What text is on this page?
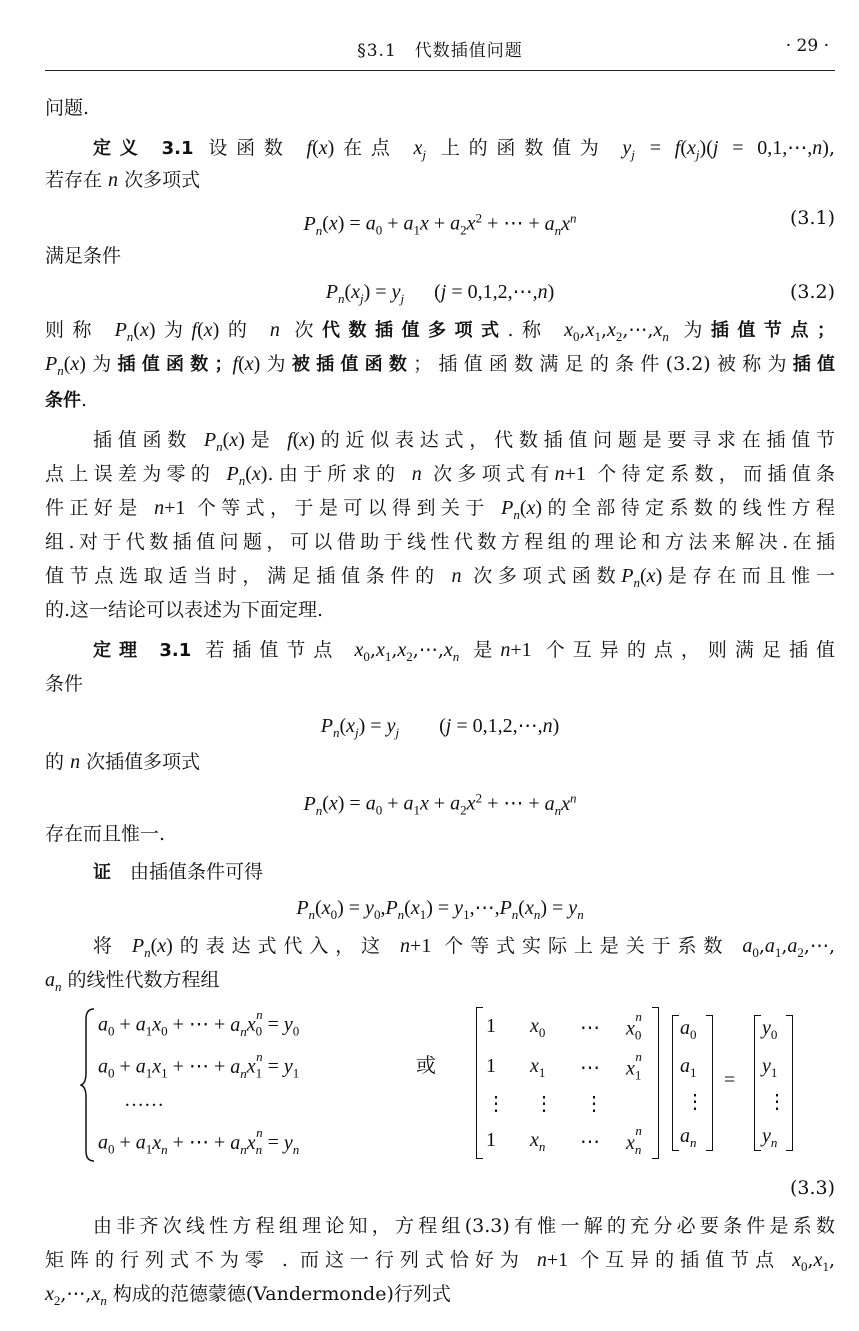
§3.1　代数插值问题	· 29 ·
问题.
定义 3.1 设函数 f(x)在点 $x_j$ 上的函数值为 $y_j = f(x_j)(j$ = 0,1,⋯,n),
若存在 n 次多项式
$P_n(x) = a_0 + a_1x + a_2x^2$ + ⋯ + $a_nx^n$	(3.1)
满足条件
$P_n(x_j) = y_j$ (j = 0,1,2,⋯,n)	(3.2)
则称 $P_n(x)$为f(x)的 n 次代数插值多项式.称 $x_0,x_1,x_2,\cdots,x_n$ 为插值节点；
$P_n(x)$为插值函数；f(x)为被插值函数；插值函数满足的条件(3.2)被称为插值
条件.
插值函数 $P_n(x)$是 f(x)的近似表达式，代数插值问题是要寻求在插值节
点上误差为零的 $P_n(x)$.由于所求的 n 次多项式有n+1 个待定系数，而插值条
件正好是 n+1 个等式，于是可以得到关于 $P_n(x)$的全部待定系数的线性方程
组.对于代数插值问题，可以借助于线性代数方程组的理论和方法来解决.在插
值节点选取适当时，满足插值条件的 n 次多项式函数$P_n(x)$是存在而且惟一
的.这一结论可以表述为下面定理.
定理 3.1 若插值节点 $x_0,x_1,x_2,\cdots,x_n$ 是n+1 个互异的点，则满足插值
条件
$P_n(x_j) = y_j$ (j = 0,1,2,⋯,n)
的 n 次插值多项式
$P_n(x) = a_0 + a_1x + a_2x^2$ + ⋯ + $a_nx^n$
存在而且惟一.
证　 由插值条件可得
$P_n(x_0) = y_0,P_n(x_1)$ = $y_1,\cdots,P_n(x_n) = y_n$
将 $P_n(x)$的表达式代入，这 n+1 个等式实际上是关于系数 $a_0,a_1,a_2,\cdots$,
$a_n$ 的线性代数方程组
$a_0 + a_1x_0$ + ⋯ + $a_nx_0^n = y_0$
$a_0 + a_1x_1$ + ⋯ + $a_nx_1^n = y_1$
……
$a_0 + a_1x_n$ + ⋯ + $a_nx_n^n = y_n$
或
1 $x_0$ ⋯ $x_0^n$
1 $x_1$ ⋯ $x_1^n$
⋮ ⋮ ⋮
1 $x_n$ ⋯ $x_n^n$
$a_0$
$a_1$
⋮
$a_n$
=
$y_0$
$y_1$
⋮
$y_n$
(3.3)
由非齐次线性方程组理论知，方程组(3.3)有惟一解的充分必要条件是系数
矩阵的行列式不为零 . 而这一行列式恰好为 n+1 个互异的插值节点 $x_0,x_1$,
$x_2,\cdots,x_n$ 构成的范德蒙德(Vandermonde)行列式
